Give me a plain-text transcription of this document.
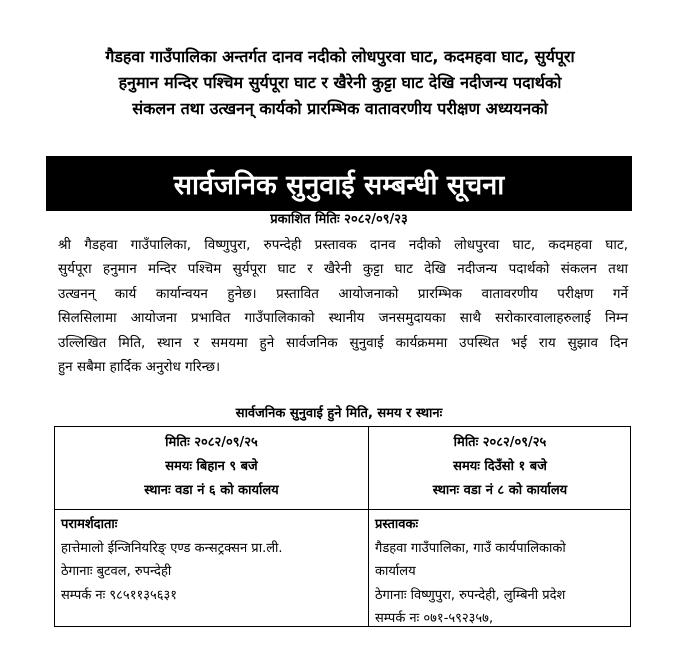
गैडहवा गाउँपालिका अन्तर्गत दानव नदीको लोधपुरवा घाट, कदमहवा घाट, सुर्यपूरा
हनुमान मन्दिर पश्चिम सुर्यपूरा घाट र खैरेनी कुट्टा घाट देखि नदीजन्य पदार्थको
संकलन तथा उत्खनन् कार्यको प्रारम्भिक वातावरणीय परीक्षण अध्ययनको
सार्वजनिक सुनुवाई सम्बन्धी सूचना
प्रकाशित मितिः २०८२/०९/२३
श्री गैडहवा गाउँपालिका, विष्णुपुरा, रुपन्देही प्रस्तावक दानव नदीको लोधपुरवा घाट, कदमहवा घाट,
सुर्यपूरा हनुमान मन्दिर पश्चिम सुर्यपूरा घाट र खैरेनी कुट्टा घाट देखि नदीजन्य पदार्थको संकलन तथा
उत्खनन् कार्य कार्यान्वयन हुनेछ। प्रस्तावित आयोजनाको प्रारम्भिक वातावरणीय परीक्षण गर्ने
सिलसिलामा आयोजना प्रभावित गाउँपालिकाको स्थानीय जनसमुदायका साथै सरोकारवालाहरुलाई निम्न
उल्लिखित मिति, स्थान र समयमा हुने सार्वजनिक सुनुवाई कार्यक्रममा उपस्थित भई राय सुझाव दिन
हुन सबैमा हार्दिक अनुरोध गरिन्छ।
सार्वजनिक सुनुवाई हुने मिति, समय र स्थानः
मितिः २०८२/०९/२५
समयः बिहान ९ बजे
स्थानः वडा नं ६ को कार्यालय
मितिः २०८२/०९/२५
समयः दिउँसो १ बजे
स्थानः वडा नं ८ को कार्यालय
परामर्शदाताः
हात्तेमालो ईन्जिनियरिङ् एण्ड कन्सट्रक्सन प्रा.ली.
ठेगानाः बुटवल, रुपन्देही
सम्पर्क नः ९८५११३५६३१
प्रस्तावकः
गैडहवा गाउँपालिका, गाउँ कार्यपालिकाको
कार्यालय
ठेगानाः विष्णुपुरा, रुपन्देही, लुम्बिनी प्रदेश
सम्पर्क नः ०७१-५९२३५७,
